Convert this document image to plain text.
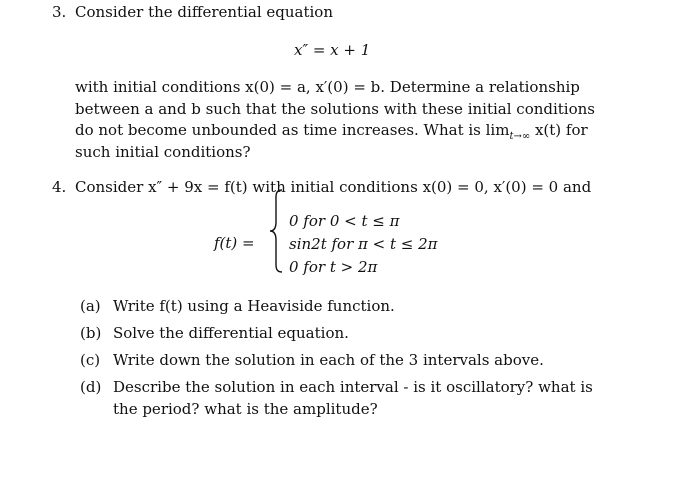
3. Consider the differential equation
x″ = x + 1
with initial conditions x(0) = a, x′(0) = b. Determine a relationship
between a and b such that the solutions with these initial conditions
do not become unbounded as time increases. What is $\lim_{t\to\infty} x(t)$ for
such initial conditions?
4. Consider x″ + 9x = f(t) with initial conditions x(0) = 0, x′(0) = 0 and
f(t) =
0 for 0 < t ≤ π
sin2t for π < t ≤ 2π
0 for t > 2π
(a) Write f(t) using a Heaviside function.
(b) Solve the differential equation.
(c) Write down the solution in each of the 3 intervals above.
(d) Describe the solution in each interval - is it oscillatory? what is
the period? what is the amplitude?
